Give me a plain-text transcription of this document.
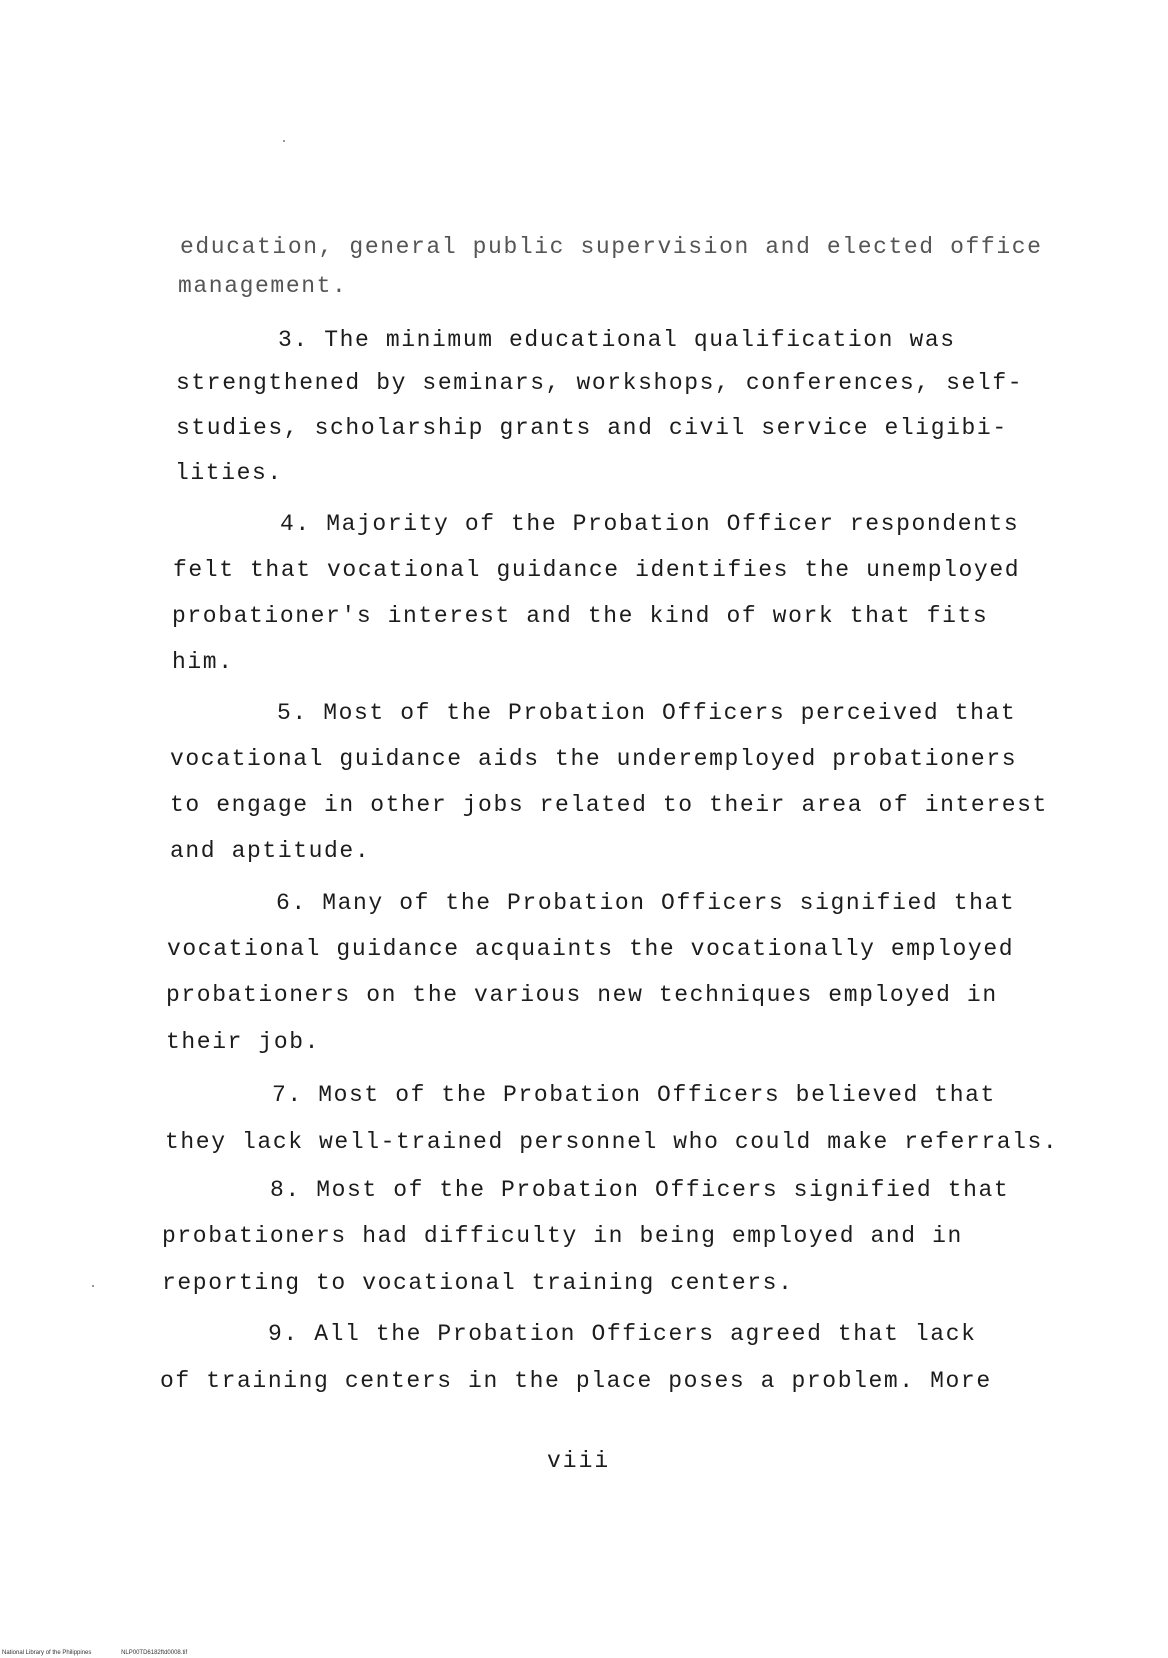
education, general public supervision and elected office
management.
3. The minimum educational qualification was
strengthened by seminars, workshops, conferences, self-
studies, scholarship grants and civil service eligibi-
lities.
4. Majority of the Probation Officer respondents
felt that vocational guidance identifies the unemployed
probationer's interest and the kind of work that fits
him.
5. Most of the Probation Officers perceived that
vocational guidance aids the underemployed probationers
to engage in other jobs related to their area of interest
and aptitude.
6. Many of the Probation Officers signified that
vocational guidance acquaints the vocationally employed
probationers on the various new techniques employed in
their job.
7. Most of the Probation Officers believed that
they lack well-trained personnel who could make referrals.
8. Most of the Probation Officers signified that
probationers had difficulty in being employed and in
reporting to vocational training centers.
9. All the Probation Officers agreed that lack
of training centers in the place poses a problem. More
viii
National Library of the Philippines	NLP00TD6182ftd0008.tif
